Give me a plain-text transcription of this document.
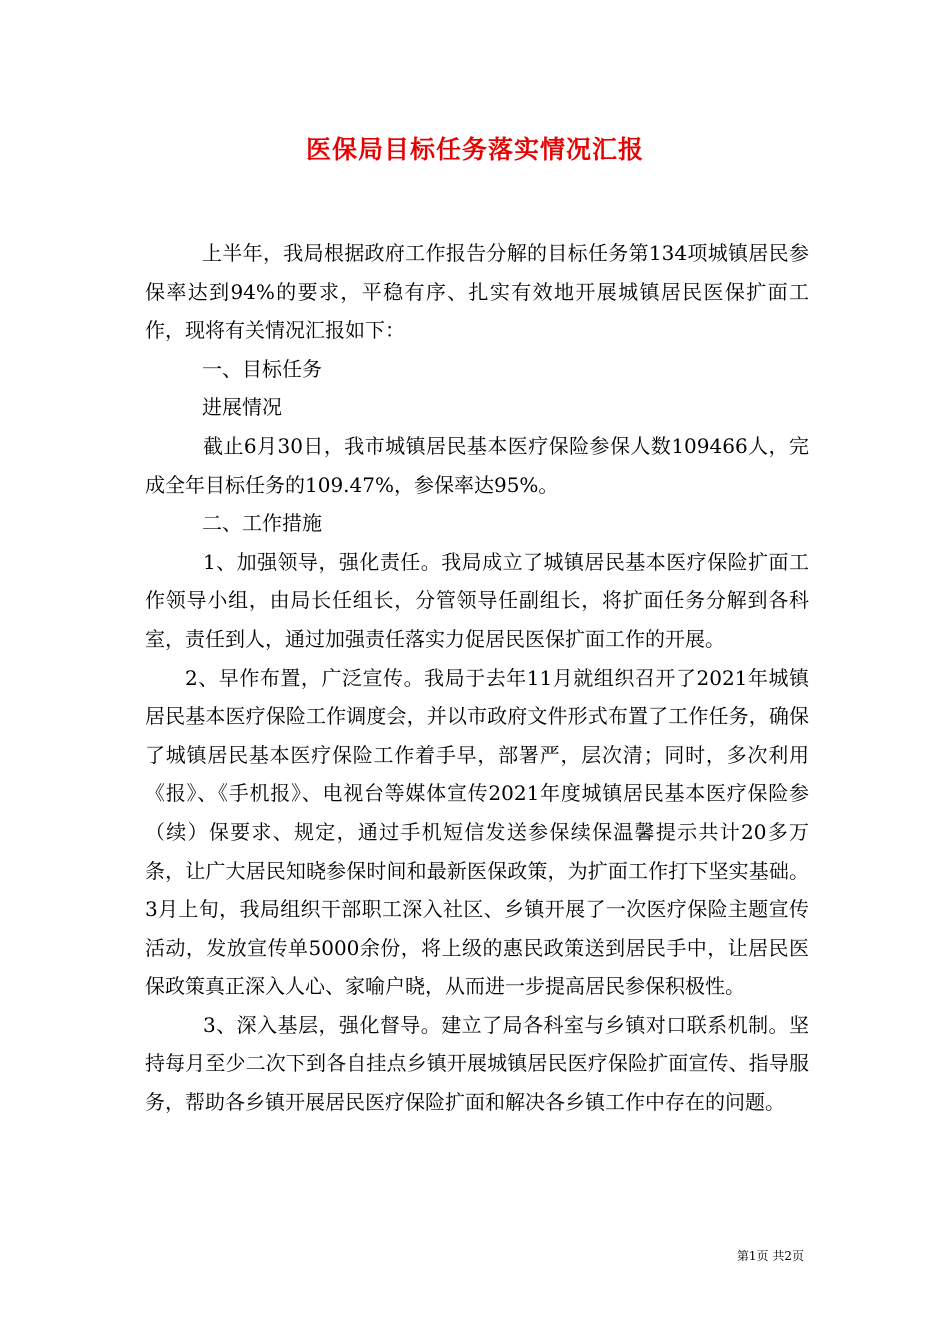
医保局目标任务落实情况汇报

上半年，我局根据政府工作报告分解的目标任务第134项城镇居民参保率达到94%的要求，平稳有序、扎实有效地开展城镇居民医保扩面工作，现将有关情况汇报如下：

一、目标任务

进展情况

截止6月30日，我市城镇居民基本医疗保险参保人数109466人，完成全年目标任务的109.47%，参保率达95%。

二、工作措施

1、加强领导，强化责任。我局成立了城镇居民基本医疗保险扩面工作领导小组，由局长任组长，分管领导任副组长，将扩面任务分解到各科室，责任到人，通过加强责任落实力促居民医保扩面工作的开展。

2、早作布置，广泛宣传。我局于去年11月就组织召开了2021年城镇居民基本医疗保险工作调度会，并以市政府文件形式布置了工作任务，确保了城镇居民基本医疗保险工作着手早，部署严，层次清；同时，多次利用《报》、《手机报》、电视台等媒体宣传2021年度城镇居民基本医疗保险参（续）保要求、规定，通过手机短信发送参保续保温馨提示共计20多万条，让广大居民知晓参保时间和最新医保政策，为扩面工作打下坚实基础。3月上旬，我局组织干部职工深入社区、乡镇开展了一次医疗保险主题宣传活动，发放宣传单5000余份，将上级的惠民政策送到居民手中，让居民医保政策真正深入人心、家喻户晓，从而进一步提高居民参保积极性。

3、深入基层，强化督导。建立了局各科室与乡镇对口联系机制。坚持每月至少二次下到各自挂点乡镇开展城镇居民医疗保险扩面宣传、指导服务，帮助各乡镇开展居民医疗保险扩面和解决各乡镇工作中存在的问题。

第1页 共2页
